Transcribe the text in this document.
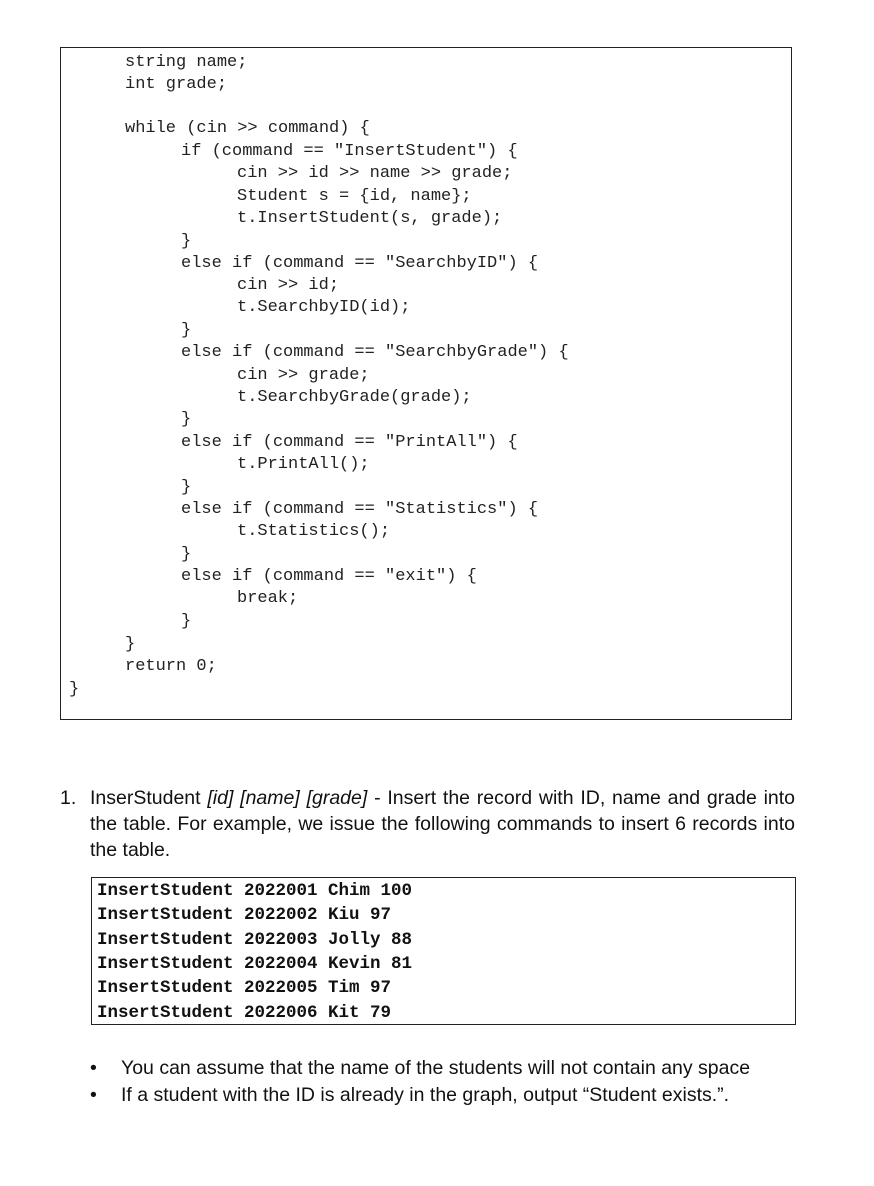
string name;
int grade;
while (cin >> command) {
if (command == "InsertStudent") {
cin >> id >> name >> grade;
Student s = {id, name};
t.InsertStudent(s, grade);
}
else if (command == "SearchbyID") {
cin >> id;
t.SearchbyID(id);
}
else if (command == "SearchbyGrade") {
cin >> grade;
t.SearchbyGrade(grade);
}
else if (command == "PrintAll") {
t.PrintAll();
}
else if (command == "Statistics") {
t.Statistics();
}
else if (command == "exit") {
break;
}
}
return 0;
}
1. InserStudent [id] [name] [grade] - Insert the record with ID, name and grade into the table. For example, we issue the following commands to insert 6 records into the table.

InsertStudent 2022001 Chim 100
InsertStudent 2022002 Kiu 97
InsertStudent 2022003 Jolly 88
InsertStudent 2022004 Kevin 81
InsertStudent 2022005 Tim 97
InsertStudent 2022006 Kit 79
• You can assume that the name of the students will not contain any space
• If a student with the ID is already in the graph, output “Student exists.”.
